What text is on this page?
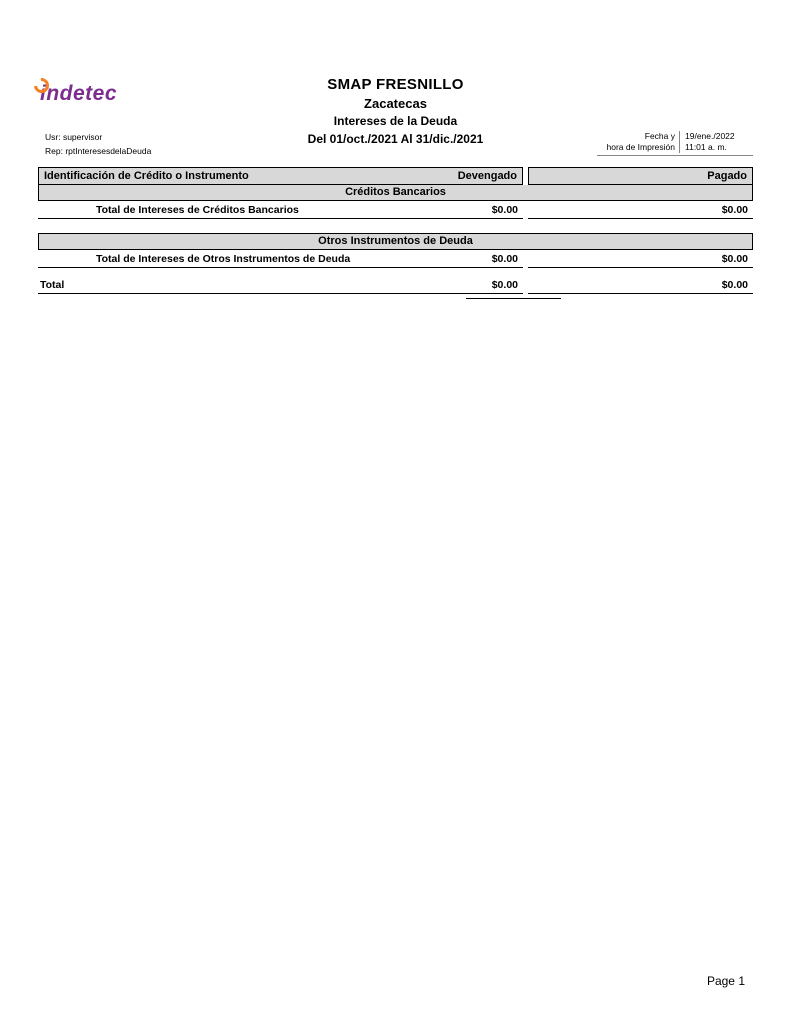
indetec	SMAP FRESNILLO
Zacatecas
Intereses de la Deuda
Del 01/oct./2021 Al 31/dic./2021
Usr: supervisor
Rep: rptInteresesdelaDeuda
Fecha y	19/ene./2022
hora de Impresión	11:01 a. m.
Identificación de Crédito o Instrumento	Devengado	Pagado
Créditos Bancarios
Total de Intereses de Créditos Bancarios	$0.00	$0.00
Otros Instrumentos de Deuda
Total de Intereses de Otros Instrumentos de Deuda	$0.00	$0.00
Total	$0.00	$0.00
Page 1
